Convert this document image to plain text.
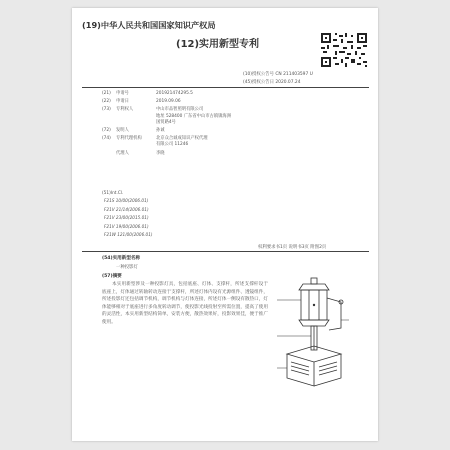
(19)中华人民共和国国家知识产权局
(12)实用新型专利
(10)授权公告号 CN 211403597 U
(45)授权公告日 2020.07.24
(21)	申请号	201921474295.5
(22)	申请日	2019.09.06
(73)	专利权人	中山市品智照明有限公司
地址 528400 广东省中山市古镇镇海洲
国贸路4号
(72)	发明人	孙诚
(74)	专利代理机构	北京众合诚成知识产权代理
有限公司 11246
代理人	李晓
(51)Int.Cl.
F21S 10/00(2006.01)
F21V 21/14(2006.01)
F21V 23/00(2015.01)
F21V 19/00(2006.01)
F21W 121/00(2006.01)
权利要求书1页 说明书3页 附图2页
(54)实用新型名称
一种投影灯
(57)摘要
本实用新型涉及一种投影灯具，包括底座、灯体、支撑杆，所述支撑杆设于底座上，灯体通过转轴转动连接于支撑杆，所述灯体内设有光源组件、透镜组件，所述投影灯还包括调节机构，调节机构与灯体连接，所述灯体一侧设有散热口，灯体能够相对于底座进行多角度转动调节，使投影光线投射至所需位置，提高了使用的灵活性，本实用新型结构简单，安装方便，散热效果好，投影效果佳，便于推广使用。
